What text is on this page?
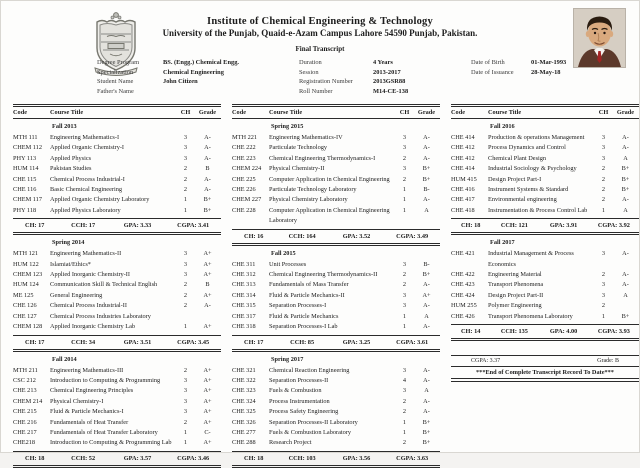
Institute of Chemical Engineering & Technology
University of the Punjab, Quaid-e-Azam Campus Lahore 54590 Punjab, Pakistan.
Final Transcript
Degree Program	BS. (Engg.) Chemical Engg.
Specialization	Chemical Engineering
Student Name	John Citizen
Father's Name
Duration	4 Years
Session	2013-2017
Registration Number	2013GSR88
Roll Number	M14-CE-138
Date of Birth	01-Mar-1993
Date of Issuance	28-May-18
Code	Course Title	CH	Grade
Fall 2013
MTH 111	Engineering Mathematics-I	3	A-
CHEM 112	Applied Organic Chemistry-I	3	A-
PHY 113	Applied Physics	3	A-
HUM 114	Pakistan Studies	2	B
CHE 115	Chemical Process Industrial-I	2	A-
CHE 116	Basic Chemical Engineering	2	A-
CHEM 117	Applied Organic Chemistry Laboratory	1	B+
PHY 118	Applied Physics Laboratory	1	B+
CH: 17	CCH: 17	GPA: 3.33	CGPA: 3.41
Spring 2014
MTH 121	Engineering Mathematics-II	3	A+
HUM 122	Islamiat/Ethics*	3	A+
CHEM 123	Applied Inorganic Chemistry-II	3	A+
HUM 124	Communication Skill & Technical English	2	B
ME 125	General Engineering	2	A+
CHE 126	Chemical Process Industrial-II	2	A-
CHE 127	Chemical Process Industries Laboratory
CHEM 128	Applied Inorganic Chemistry Lab	1	A+
CH: 17	CCH: 34	GPA: 3.51	CGPA: 3.45
Fall 2014
MTH 211	Engineering Mathematics-III	2	A+
CSC 212	Introduction to Computing & Programming	3	A+
CHE 213	Chemical Engineering Principles	3	A+
CHEM 214	Physical Chemistry-I	3	A+
CHE 215	Fluid & Particle Mechanics-I	3	A+
CHE 216	Fundamentals of Heat Transfer	2	A+
CHE 217	Fundamentals of Heat Transfer Laboratory	1	C-
CHE218	Introduction to Computing & Programming Lab	1	A+
CH: 18	CCH: 52	GPA: 3.57	CGPA: 3.46
Code	Course Title	CH	Grade
Spring 2015
MTH 221	Engineering Mathematics-IV	3	A-
CHE 222	Particulate Technology	3	A-
CHE 223	Chemical Engineering Thermodynamics-I	2	A-
CHEM 224	Physical Chemistry-II	3	B+
CHE 225	Computer Application in Chemical Engineering	2	B+
CHE 226	Particulate Technology Laboratory	1	B-
CHEM 227	Physical Chemistry Laboratory	1	A-
CHE 228	Computer Application in Chemical Engineering Laboratory
1	A
CH: 16	CCH: 164	GPA: 3.52	CGPA: 3.49
Fall 2015
CHE 311	Unit Processes	3	B-
CHE 312	Chemical Engineering Thermodynamics-II	2	B+
CHE 313	Fundamentals of Mass Transfer	2	A-
CHE 314	Fluid & Particle Mechanics-II	3	A+
CHE 315	Separation Processes-I	3	A-
CHE 317	Fluid & Particle Mechanics	1	A
CHE 318	Separation Processes-I Lab	1	A-
CH: 17	CCH: 85	GPA: 3.25	CGPA: 3.61
Spring 2017
CHE 321	Chemical Reaction Engineering	3	A-
CHE 322	Separation Processes-II	4	A-
CHE 323	Fuels & Combustion	3	A
CHE 324	Process Instrumentation	2	A-
CHE 325	Process Safety Engineering	2	A-
CHE 326	Separation Processes-II Laboratory	1	B+
CHE 277	Fuels & Combustion Laboratory	1	B+
CHE 288	Research Project	2	B+
CH: 18	CCH: 103	GPA: 3.56	CGPA: 3.63
Code	Course Title	CH	Grade
Fall 2016
CHE 414	Production & operations Management	3	A-
CHE 412	Process Dynamics and Control	3	A-
CHE 412	Chemical Plant Design	3	A
CHE 414	Industrial Sociology & Psychology	2	B+
HUM 415	Design Project Part-I	2	B+
CHE 416	Instrument Systems & Standard	2	B+
CHE 417	Environmental engineering	2	A-
CHE 418	Instrumentation & Process Control Lab	1	A
CH: 18	CCH: 121	GPA: 3.91	CGPA: 3.92
Fall 2017
CHE 421	Industrial Management & Process Economics
3	A-
CHE 422	Engineering Material	2	A-
CHE 423	Transport Phenomena	3	A-
CHE 424	Design Project Part-II	3	A
HUM 255	Polymer Engineering	2
CHE 426	Transport Phenomena Laboratory	1	B+
CH: 14	CCH: 135	GPA: 4.00	CGPA: 3.93
CGPA: 3.37	Grade: B
***End of Complete Transcript Record To Date***
